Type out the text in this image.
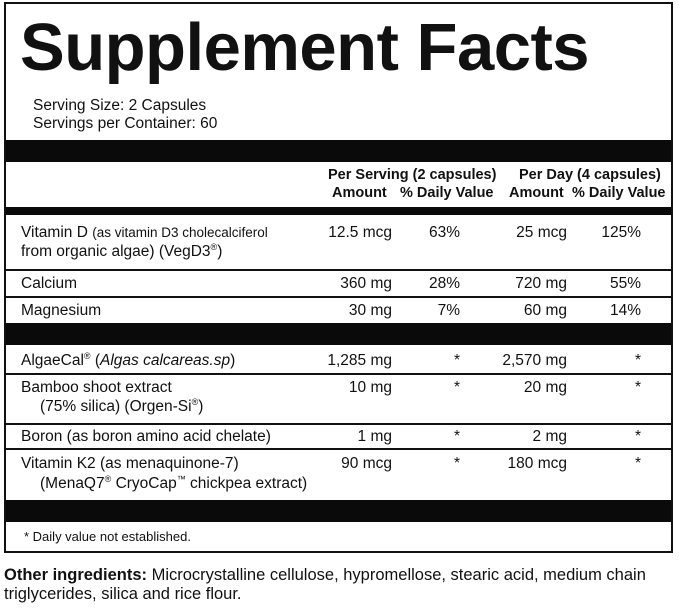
Supplement Facts
Serving Size: 2 Capsules
Servings per Container: 60
Per Serving (2 capsules) Per Day (4 capsules)
Amount % Daily Value Amount % Daily Value
Vitamin D (as vitamin D3 cholecalciferol
from organic algae) (VegD3®)
12.5 mcg	63%	25 mcg	125%
Calcium	360 mg	28%	720 mg	55%
Magnesium	30 mg	7%	60 mg	14%
AlgaeCal® (Algas calcareas.sp)	1,285 mg	*	2,570 mg	*
Bamboo shoot extract
(75% silica) (Orgen-Si®)
10 mg	*	20 mg	*
Boron (as boron amino acid chelate)	1 mg	*	2 mg	*
Vitamin K2 (as menaquinone-7)
(MenaQ7® CryoCap™ chickpea extract)
90 mcg	*	180 mcg	*
* Daily value not established.
Other ingredients: Microcrystalline cellulose, hypromellose, stearic acid, medium chain triglycerides, silica and rice flour.
